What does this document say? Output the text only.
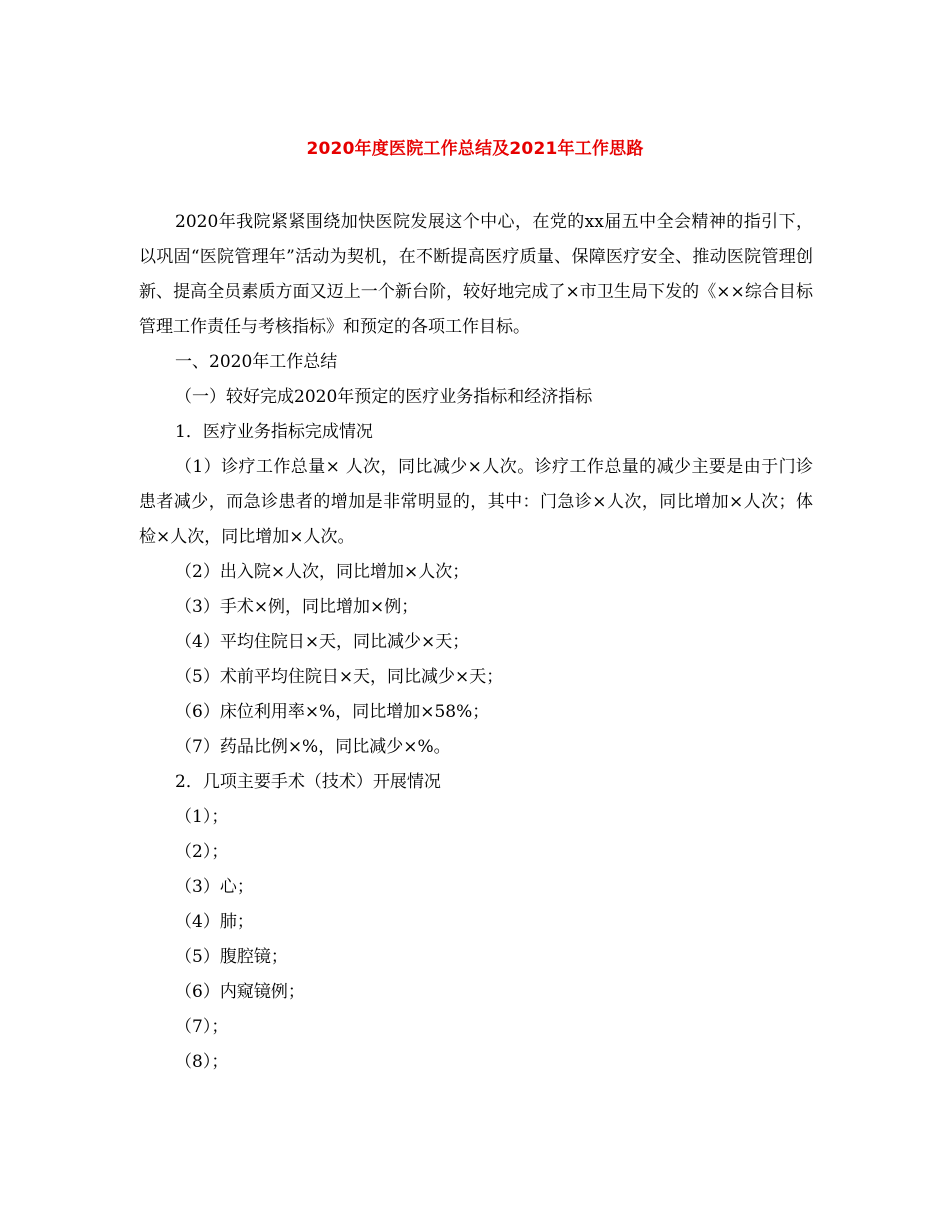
2020年度医院工作总结及2021年工作思路

2020年我院紧紧围绕加快医院发展这个中心，在党的xx届五中全会精神的指引下，以巩固“医院管理年”活动为契机，在不断提高医疗质量、保障医疗安全、推动医院管理创新、提高全员素质方面又迈上一个新台阶，较好地完成了×市卫生局下发的《××综合目标管理工作责任与考核指标》和预定的各项工作目标。

一、2020年工作总结

（一）较好完成2020年预定的医疗业务指标和经济指标

1．医疗业务指标完成情况

（1）诊疗工作总量× 人次，同比减少×人次。诊疗工作总量的减少主要是由于门诊患者减少，而急诊患者的增加是非常明显的，其中：门急诊×人次，同比增加×人次；体检×人次，同比增加×人次。

（2）出入院×人次，同比增加×人次；

（3）手术×例，同比增加×例；

（4）平均住院日×天，同比减少×天；

（5）术前平均住院日×天，同比减少×天；

（6）床位利用率×%，同比增加×58%；

（7）药品比例×%，同比减少×%。

2．几项主要手术（技术）开展情况

（1）；

（2）；

（3）心；

（4）肺；

（5）腹腔镜；

（6）内窥镜例；

（7）；

（8）；
